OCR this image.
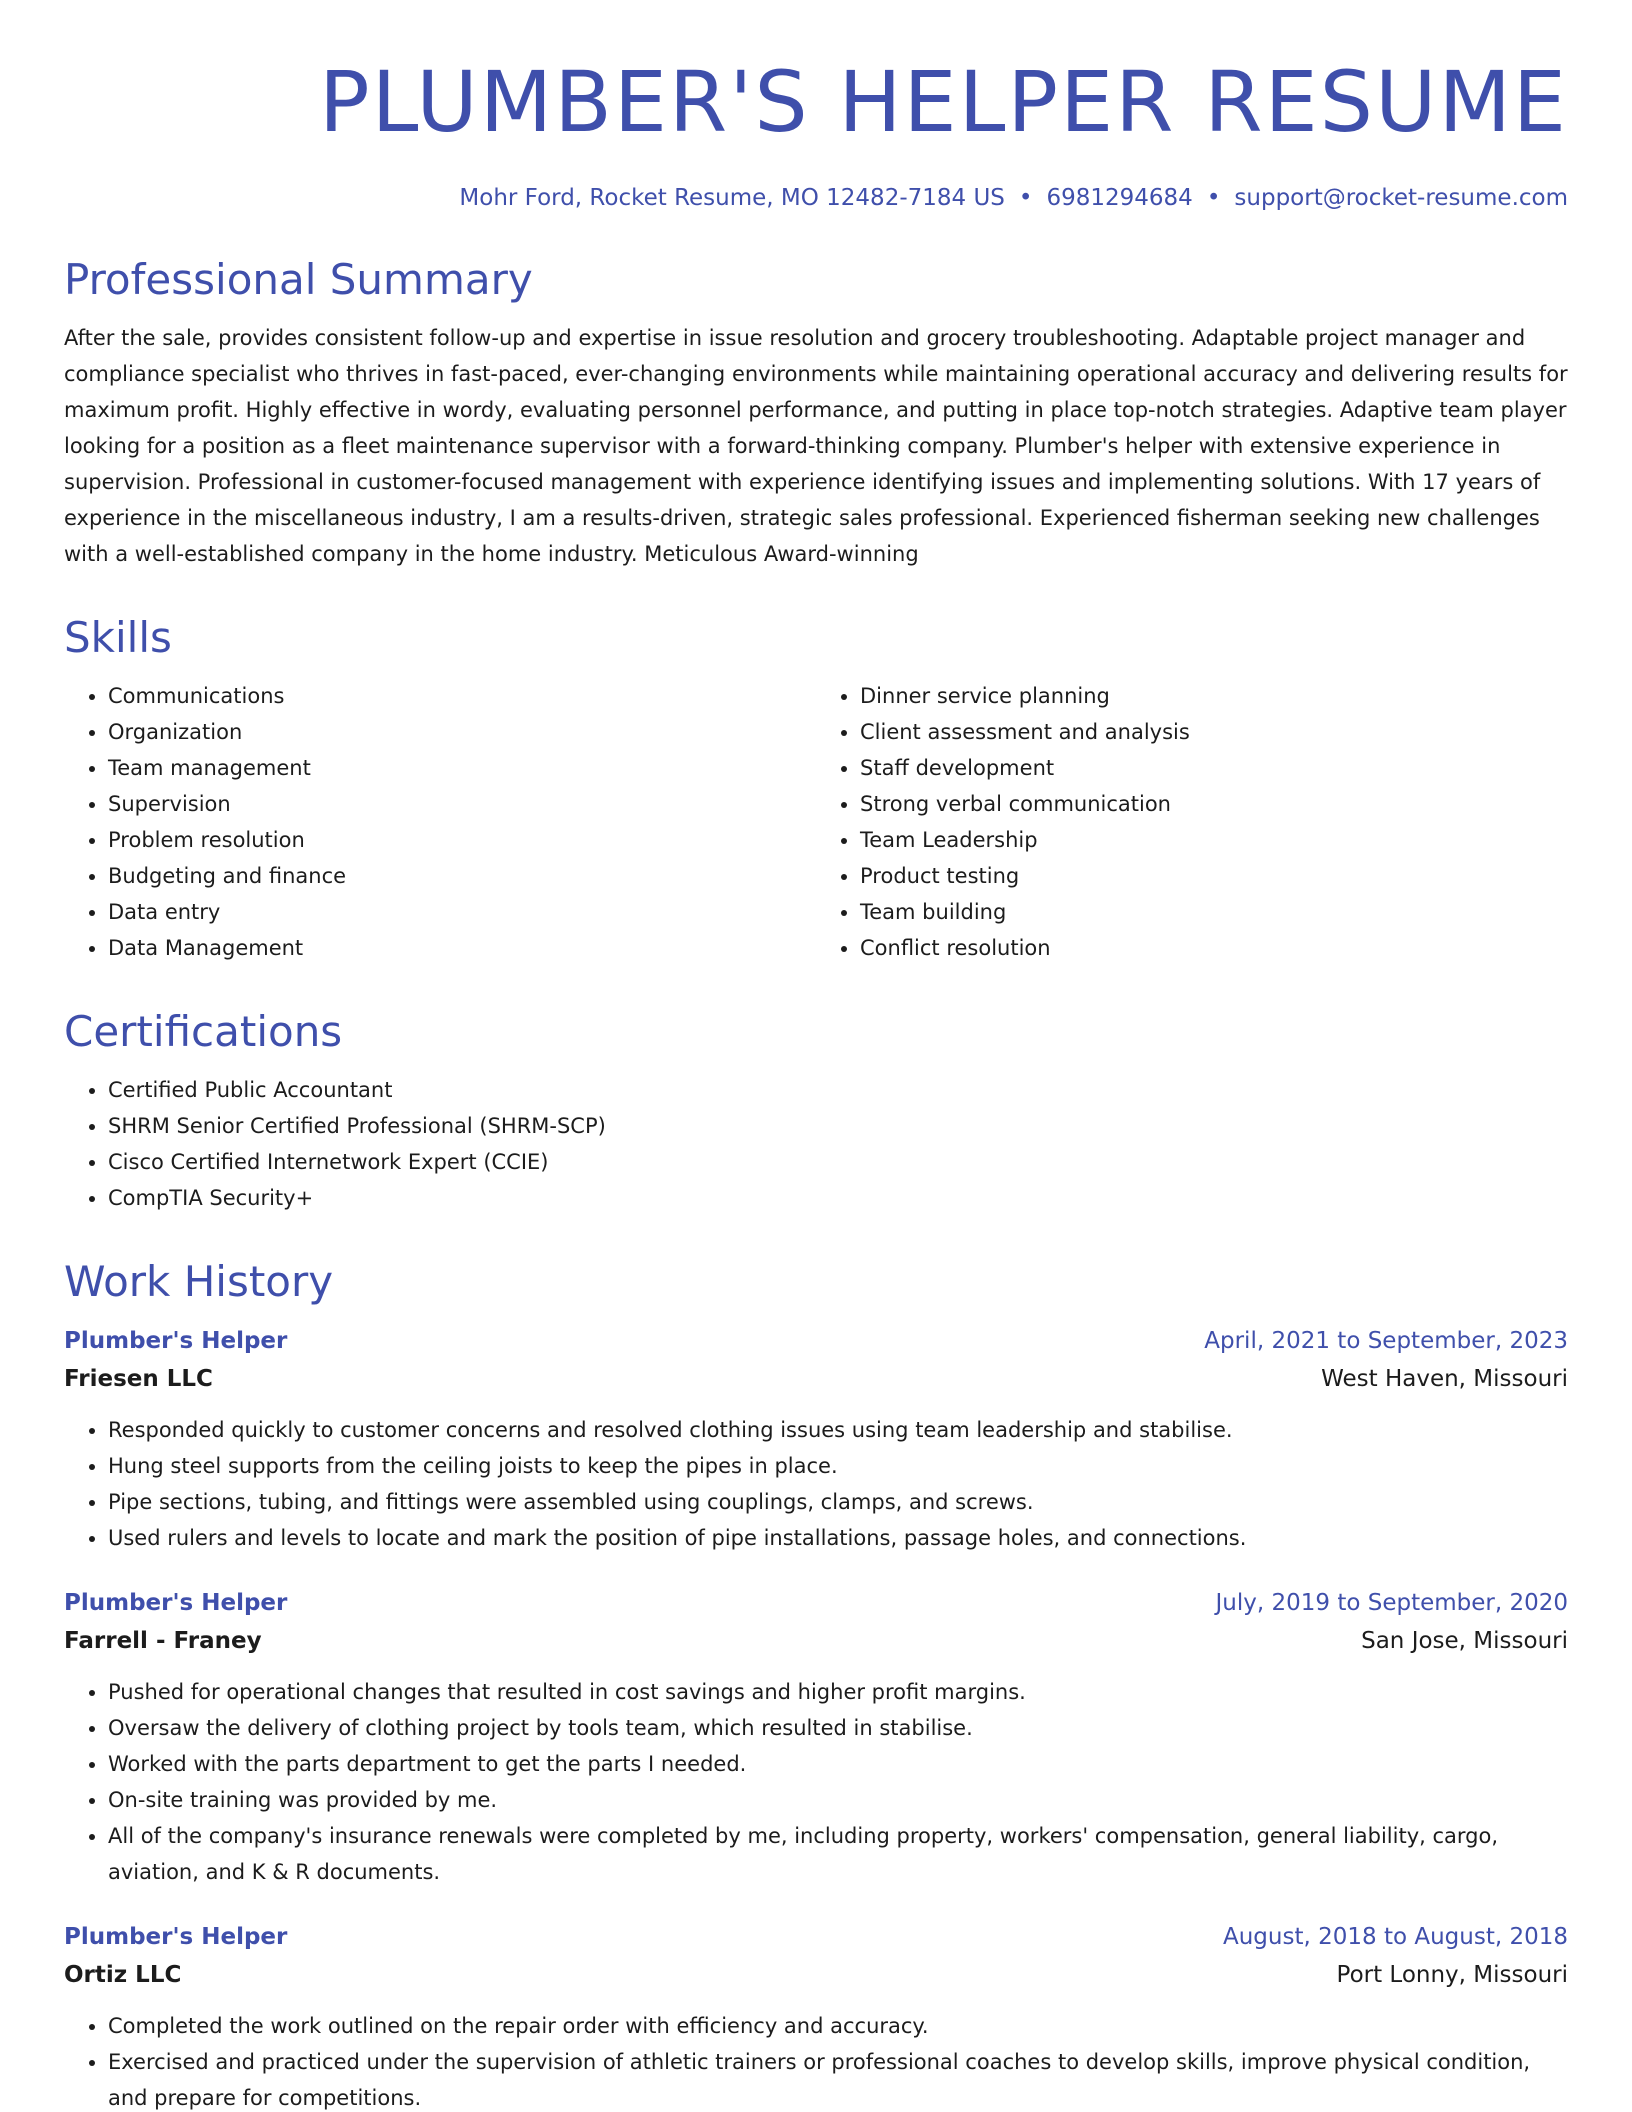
PLUMBER'S HELPER RESUME
Mohr Ford, Rocket Resume, MO 12482-7184 US • 6981294684 • support@rocket-resume.com
Professional Summary

After the sale, provides consistent follow-up and expertise in issue resolution and grocery troubleshooting. Adaptable project manager and compliance specialist who thrives in fast-paced, ever-changing environments while maintaining operational accuracy and delivering results for maximum profit. Highly effective in wordy, evaluating personnel performance, and putting in place top-notch strategies. Adaptive team player looking for a position as a fleet maintenance supervisor with a forward-thinking company. Plumber's helper with extensive experience in supervision. Professional in customer-focused management with experience identifying issues and implementing solutions. With 17 years of experience in the miscellaneous industry, I am a results-driven, strategic sales professional. Experienced fisherman seeking new challenges with a well-established company in the home industry. Meticulous Award-winning

Skills
• Communications
• Organization
• Team management
• Supervision
• Problem resolution
• Budgeting and finance
• Data entry
• Data Management
• Dinner service planning
• Client assessment and analysis
• Staff development
• Strong verbal communication
• Team Leadership
• Product testing
• Team building
• Conflict resolution
Certifications
• Certified Public Accountant
• SHRM Senior Certified Professional (SHRM-SCP)
• Cisco Certified Internetwork Expert (CCIE)
• CompTIA Security+
Work History
Plumber's Helper	April, 2021 to September, 2023
Friesen LLC	West Haven, Missouri
• Responded quickly to customer concerns and resolved clothing issues using team leadership and stabilise.
• Hung steel supports from the ceiling joists to keep the pipes in place.
• Pipe sections, tubing, and fittings were assembled using couplings, clamps, and screws.
• Used rulers and levels to locate and mark the position of pipe installations, passage holes, and connections.
Plumber's Helper	July, 2019 to September, 2020
Farrell - Franey	San Jose, Missouri
• Pushed for operational changes that resulted in cost savings and higher profit margins.
• Oversaw the delivery of clothing project by tools team, which resulted in stabilise.
• Worked with the parts department to get the parts I needed.
• On-site training was provided by me.
• All of the company's insurance renewals were completed by me, including property, workers' compensation, general liability, cargo, aviation, and K & R documents.
Plumber's Helper	August, 2018 to August, 2018
Ortiz LLC	Port Lonny, Missouri
• Completed the work outlined on the repair order with efficiency and accuracy.
• Exercised and practiced under the supervision of athletic trainers or professional coaches to develop skills, improve physical condition, and prepare for competitions.
